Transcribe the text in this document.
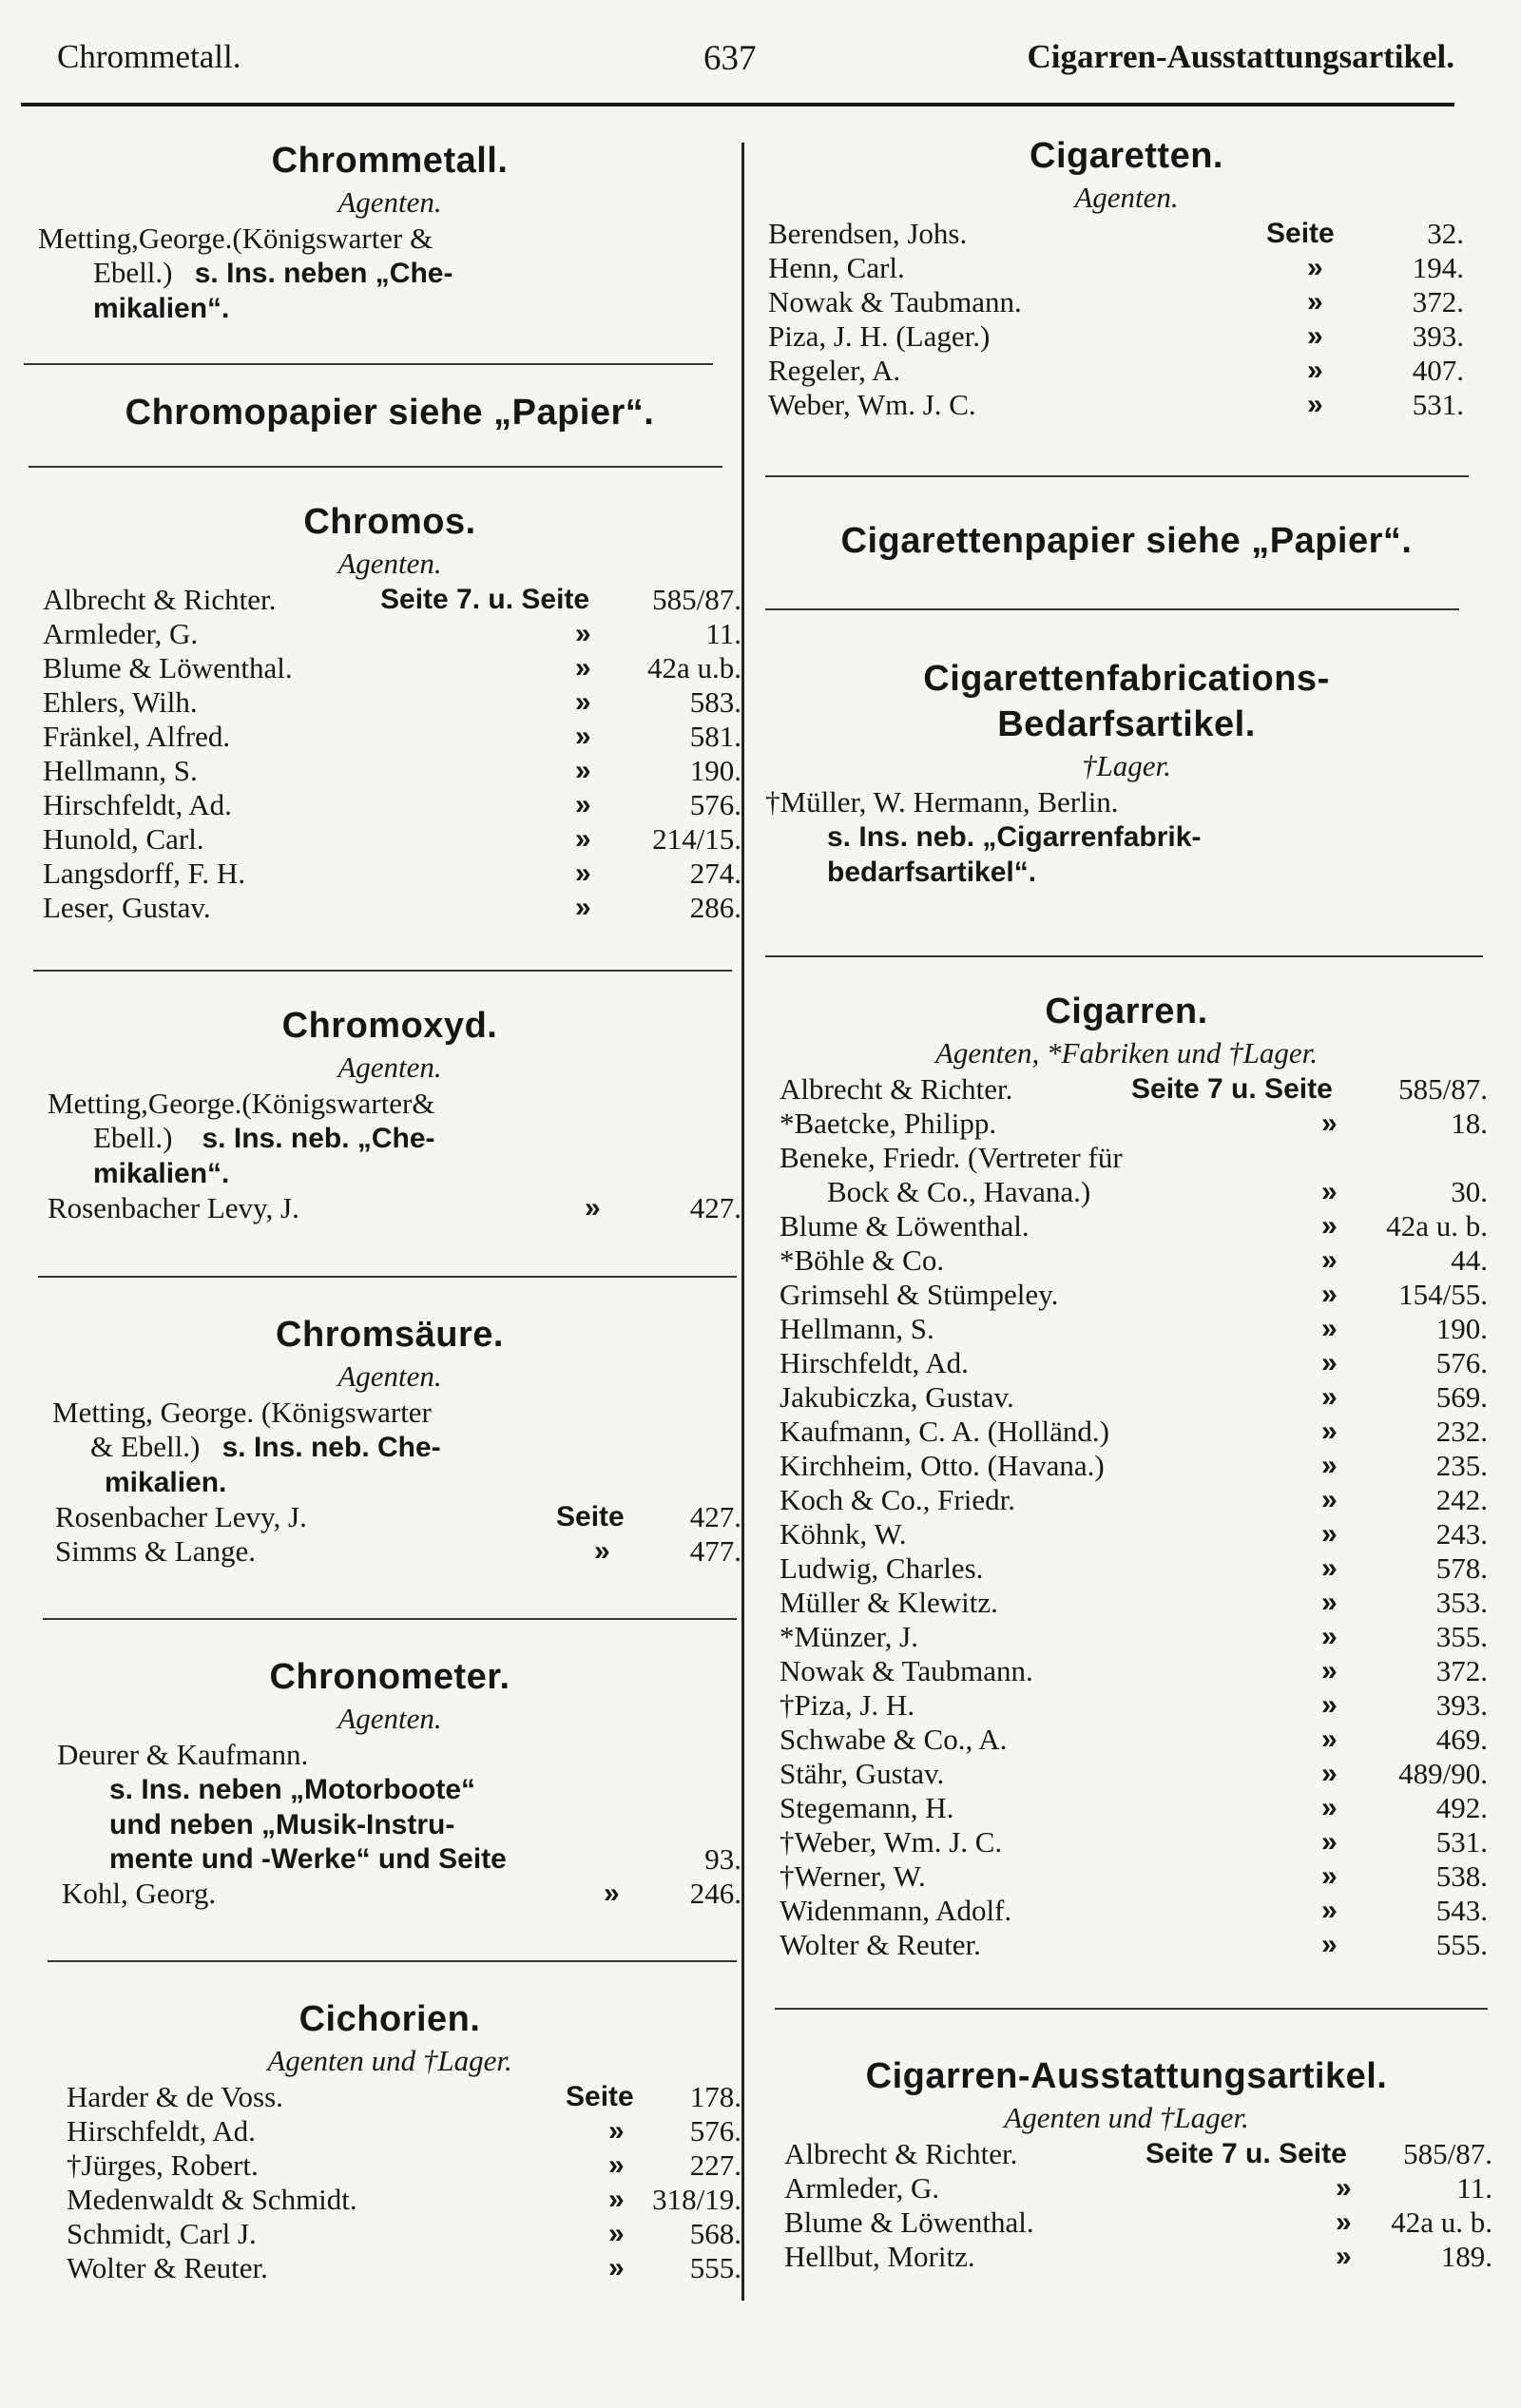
Chrommetall.	637	Cigarren-Ausstattungsartikel.
Chrommetall.
Agenten.
Metting,George.(Königswarter &
Ebell.) s. Ins. neben „Che-
mikalien“.
Chromopapier siehe „Papier“.
Chromos.
Agenten.
Albrecht & Richter.	Seite 7. u. Seite	585/87.
Armleder, G.	»	11.
Blume & Löwenthal.	»	42a u.b.
Ehlers, Wilh.	»	583.
Fränkel, Alfred.	»	581.
Hellmann, S.	»	190.
Hirschfeldt, Ad.	»	576.
Hunold, Carl.	»	214/15.
Langsdorff, F. H.	»	274.
Leser, Gustav.	»	286.
Chromoxyd.
Agenten.
Metting,George.(Königswarter&
Ebell.) s. Ins. neb. „Che-
mikalien“.
Rosenbacher Levy, J.	»	427.
Chromsäure.
Agenten.
Metting, George. (Königswarter
& Ebell.) s. Ins. neb. Che-
mikalien.
Rosenbacher Levy, J.	Seite	427.
Simms & Lange.	»	477.
Chronometer.
Agenten.
Deurer & Kaufmann.
s. Ins. neben „Motorboote“
und neben „Musik-Instru-
mente und -Werke“ und Seite	93.
Kohl, Georg.	»	246.
Cichorien.
Agenten und †Lager.
Harder & de Voss.	Seite	178.
Hirschfeldt, Ad.	»	576.
†Jürges, Robert.	»	227.
Medenwaldt & Schmidt.	» 318/19.
Schmidt, Carl J.	»	568.
Wolter & Reuter.	»	555.
Cigaretten.
Agenten.
Berendsen, Johs.	Seite	32.
Henn, Carl.	»	194.
Nowak & Taubmann.	»	372.
Piza, J. H. (Lager.)	»	393.
Regeler, A.	»	407.
Weber, Wm. J. C.	»	531.
Cigarettenpapier siehe „Papier“.
Cigarettenfabrications-
Bedarfsartikel.
†Lager.
†Müller, W. Hermann, Berlin.
s. Ins. neb. „Cigarrenfabrik-
bedarfsartikel“.
Cigarren.
Agenten, *Fabriken und †Lager.
Albrecht & Richter.	Seite 7 u. Seite	585/87.
*Baetcke, Philipp.	»	18.
Beneke, Friedr. (Vertreter für
Bock & Co., Havana.)	»	30.
Blume & Löwenthal.	»	42a u. b.
*Böhle & Co.	»	44.
Grimsehl & Stümpeley.	»	154/55.
Hellmann, S.	»	190.
Hirschfeldt, Ad.	»	576.
Jakubiczka, Gustav.	»	569.
Kaufmann, C. A. (Holländ.)	»	232.
Kirchheim, Otto. (Havana.)	»	235.
Koch & Co., Friedr.	»	242.
Köhnk, W.	»	243.
Ludwig, Charles.	»	578.
Müller & Klewitz.	»	353.
*Münzer, J.	»	355.
Nowak & Taubmann.	»	372.
†Piza, J. H.	»	393.
Schwabe & Co., A.	»	469.
Stähr, Gustav.	»	489/90.
Stegemann, H.	»	492.
†Weber, Wm. J. C.	»	531.
†Werner, W.	»	538.
Widenmann, Adolf.	»	543.
Wolter & Reuter.	»	555.
Cigarren-Ausstattungsartikel.
Agenten und †Lager.
Albrecht & Richter.	Seite 7 u. Seite	585/87.
Armleder, G.	»	11.
Blume & Löwenthal.	»	42a u. b.
Hellbut, Moritz.	»	189.
